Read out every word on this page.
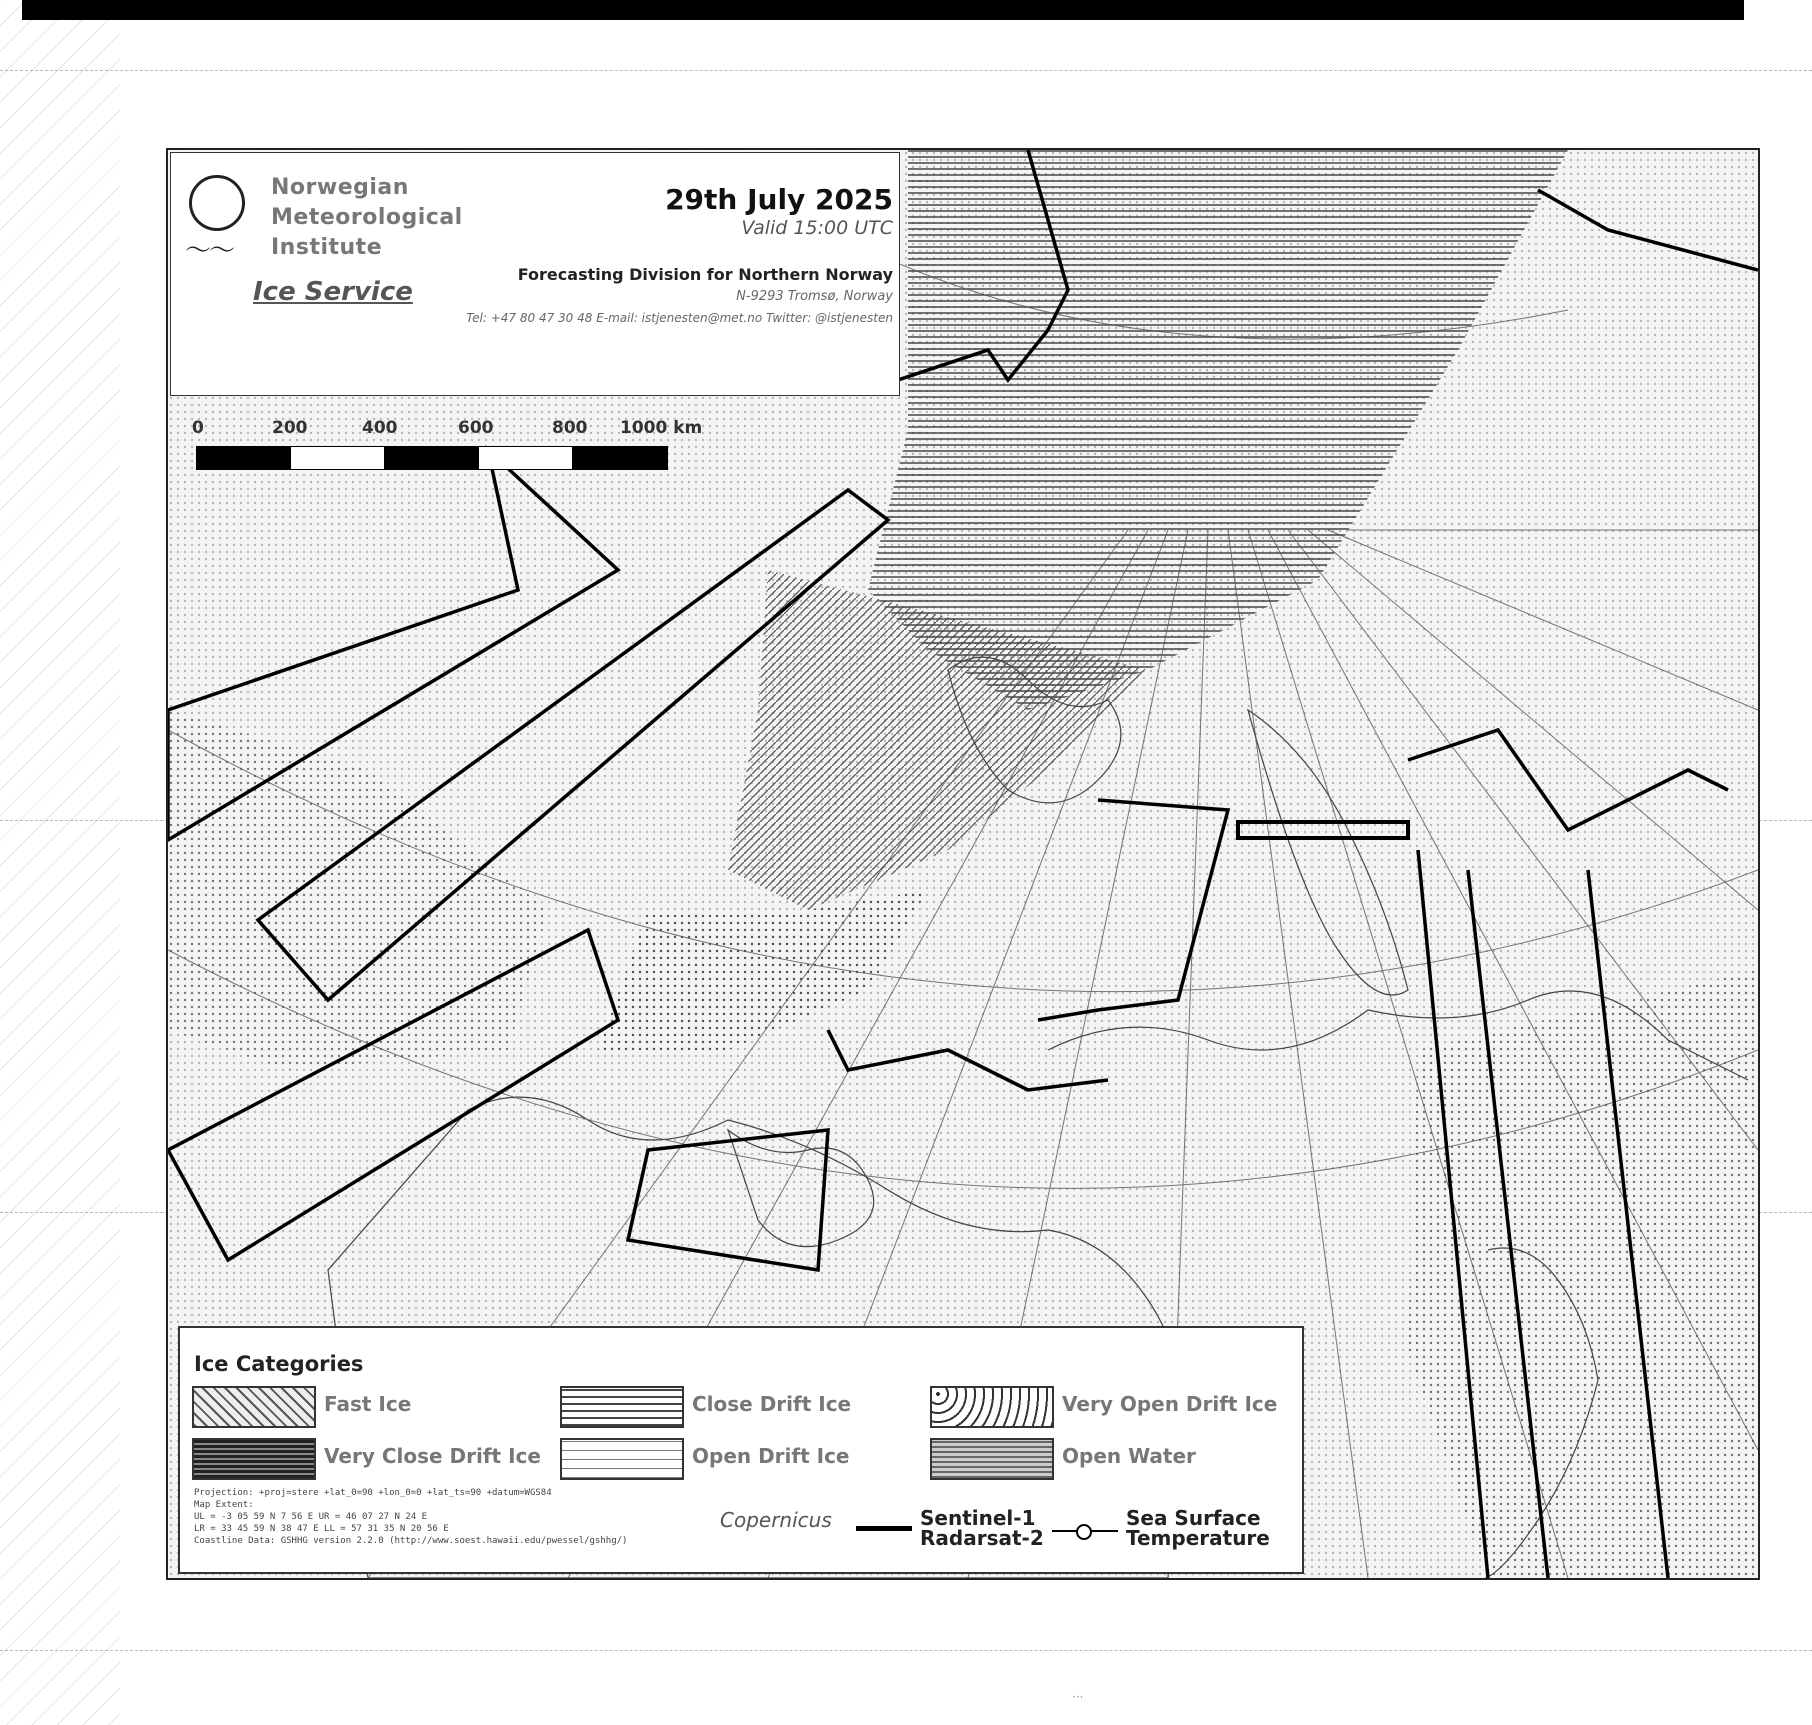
〜〜
Norwegian
Meteorological
Institute
Ice Service
29th July 2025
Valid 15:00 UTC
Forecasting Division for Northern Norway
N-9293 Tromsø, Norway
Tel: +47 80 47 30 48 E-mail: istjenesten@met.no Twitter: @istjenesten
0	200	400	600	800 1000 km
Ice Categories
Fast Ice	Close Drift Ice	Very Open Drift Ice
Very Close Drift Ice	Open Drift Ice	Open Water
Projection: +proj=stere +lat_0=90 +lon_0=0 +lat_ts=90 +datum=WGS84
Map Extent:
UL = -3 05 59 N 7 56 E UR = 46 07 27 N 24 E
LR = 33 45 59 N 38 47 E LL = 57 31 35 N 20 56 E
Coastline Data: GSHHG version 2.2.0 (http://www.soest.hawaii.edu/pwessel/gshhg/)
Copernicus	Sentinel-1
Radarsat-2
Sea Surface
Temperature
···
